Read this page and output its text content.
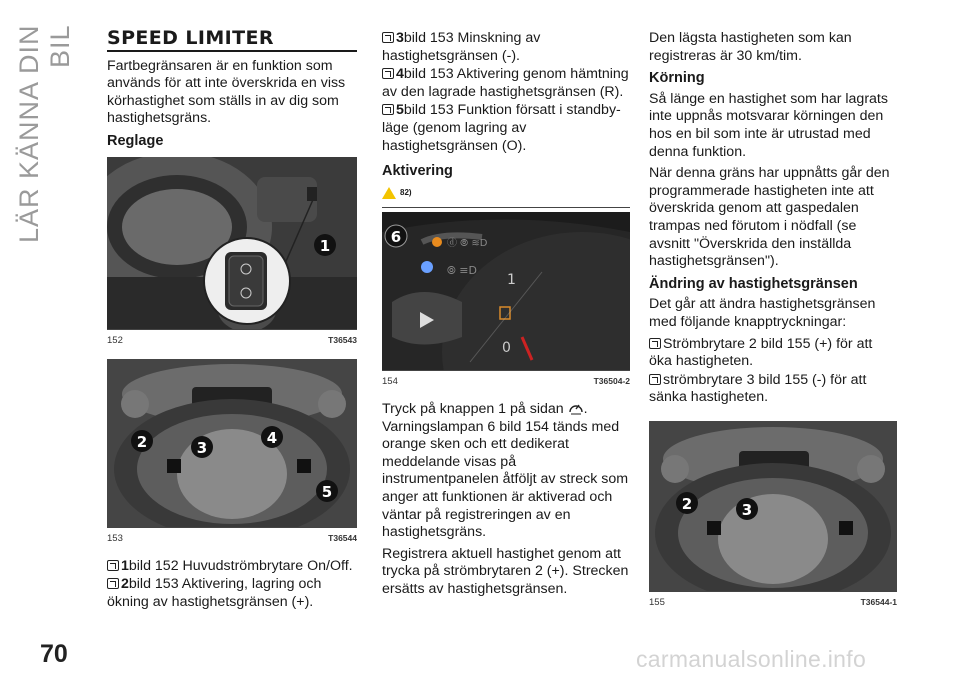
LÄR KÄNNA DIN BIL SPEED LIMITER

Fartbegränsaren är en funktion som används för att inte överskrida en viss körhastighet som ställs in av dig som hastighetsgräns.

Reglage
1
152	T36543
2	3
4
5
153	T36544
1bild 152 Huvudströmbrytare On/Off.
2bild 153 Aktivering, lagring och ökning av hastighetsgränsen (+).
3bild 153 Minskning av hastighetsgränsen (-).
4bild 153 Aktivering genom hämtning av den lagrade hastighetsgränsen (R).
5bild 153 Funktion försatt i standby-läge (genom lagring av hastighetsgränsen (O).
Aktivering
82)
ⓓ ⦾ ≋D
⦾ ≡D
1
0
6
154	T36504-2

Tryck på knappen 1 på sidan . Varningslampan 6 bild 154 tänds med orange sken och ett dedikerat meddelande visas på instrumentpanelen åtföljt av streck som anger att funktionen är aktiverad och väntar på registreringen av en hastighetsgräns.

Registrera aktuell hastighet genom att trycka på strömbrytaren 2 (+). Strecken ersätts av hastighetsgränsen.

Den lägsta hastigheten som kan registreras är 30 km/tim.

Körning

Så länge en hastighet som har lagrats inte uppnås motsvarar körningen den hos en bil som inte är utrustad med denna funktion.

När denna gräns har uppnåtts går den programmerade hastigheten inte att överskrida genom att gaspedalen trampas ned förutom i nödfall (se avsnitt "Överskrida den inställda hastighetsgränsen").

Ändring av hastighetsgränsen

Det går att ändra hastighetsgränsen med följande knapptryckningar:

Strömbrytare 2 bild 155 (+) för att öka hastigheten.
strömbrytare 3 bild 155 (-) för att sänka hastigheten.
2	3
155	T36544-1
70	carmanualsonline.info
